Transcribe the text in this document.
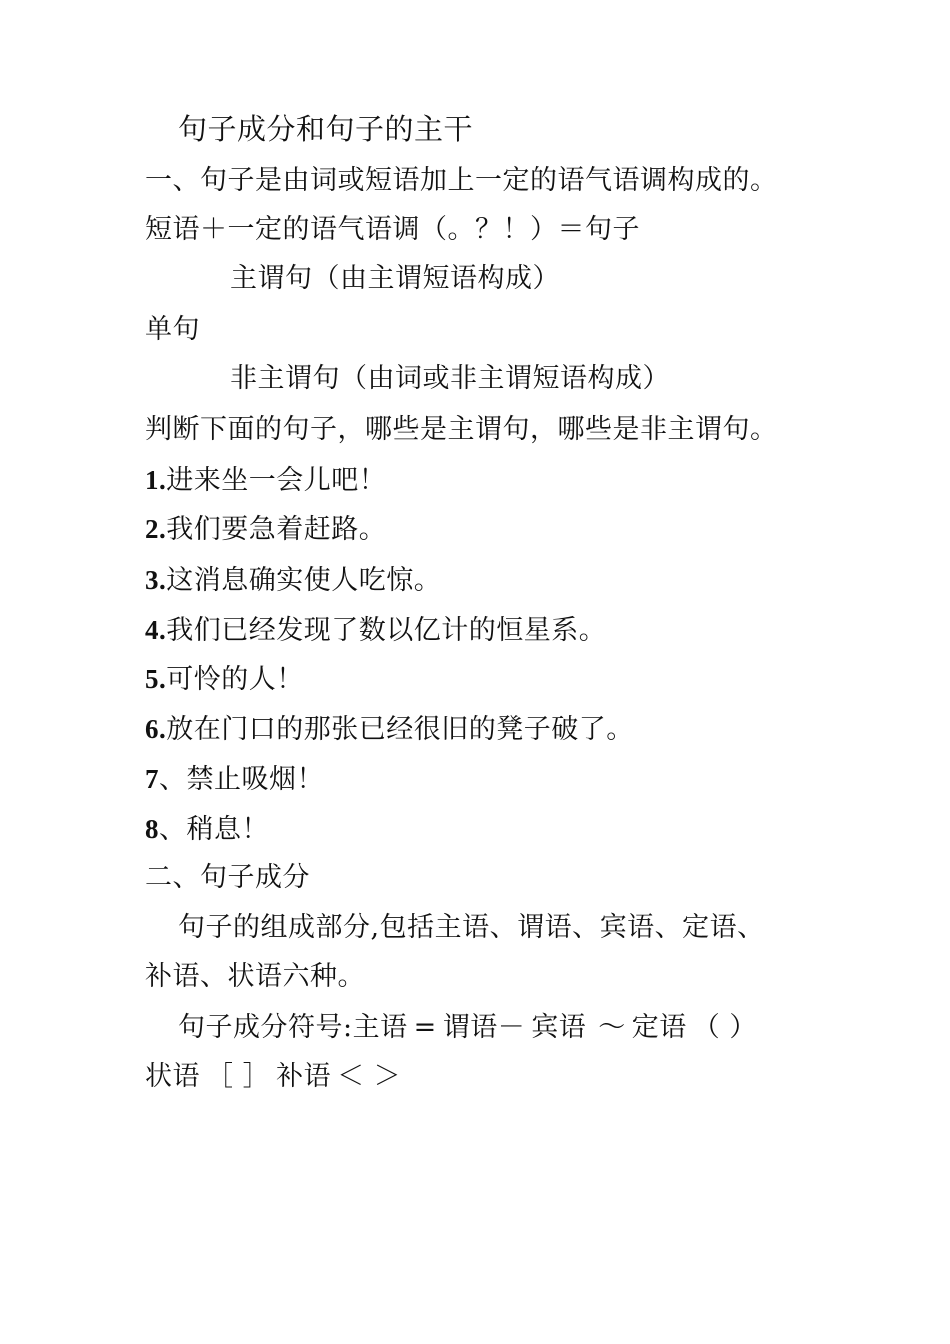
句子成分和句子的主干
一、句子是由词或短语加上一定的语气语调构成的。
短语＋一定的语气语调（。？！）＝句子
主谓句（由主谓短语构成）
单句
非主谓句（由词或非主谓短语构成）
判断下面的句子，哪些是主谓句，哪些是非主谓句。
1.进来坐一会儿吧！
2.我们要急着赶路。
3.这消息确实使人吃惊。
4.我们已经发现了数以亿计的恒星系。
5.可怜的人！
6.放在门口的那张已经很旧的凳子破了。
7、禁止吸烟！
8、稍息！
二、句子成分
句子的组成部分,包括主语、谓语、宾语、定语、
补语、状语六种。
句子成分符号:主语 = 谓语－ 宾语 ～ 定语 （ ）
状语 ［ ］ 补语 ＜ ＞
